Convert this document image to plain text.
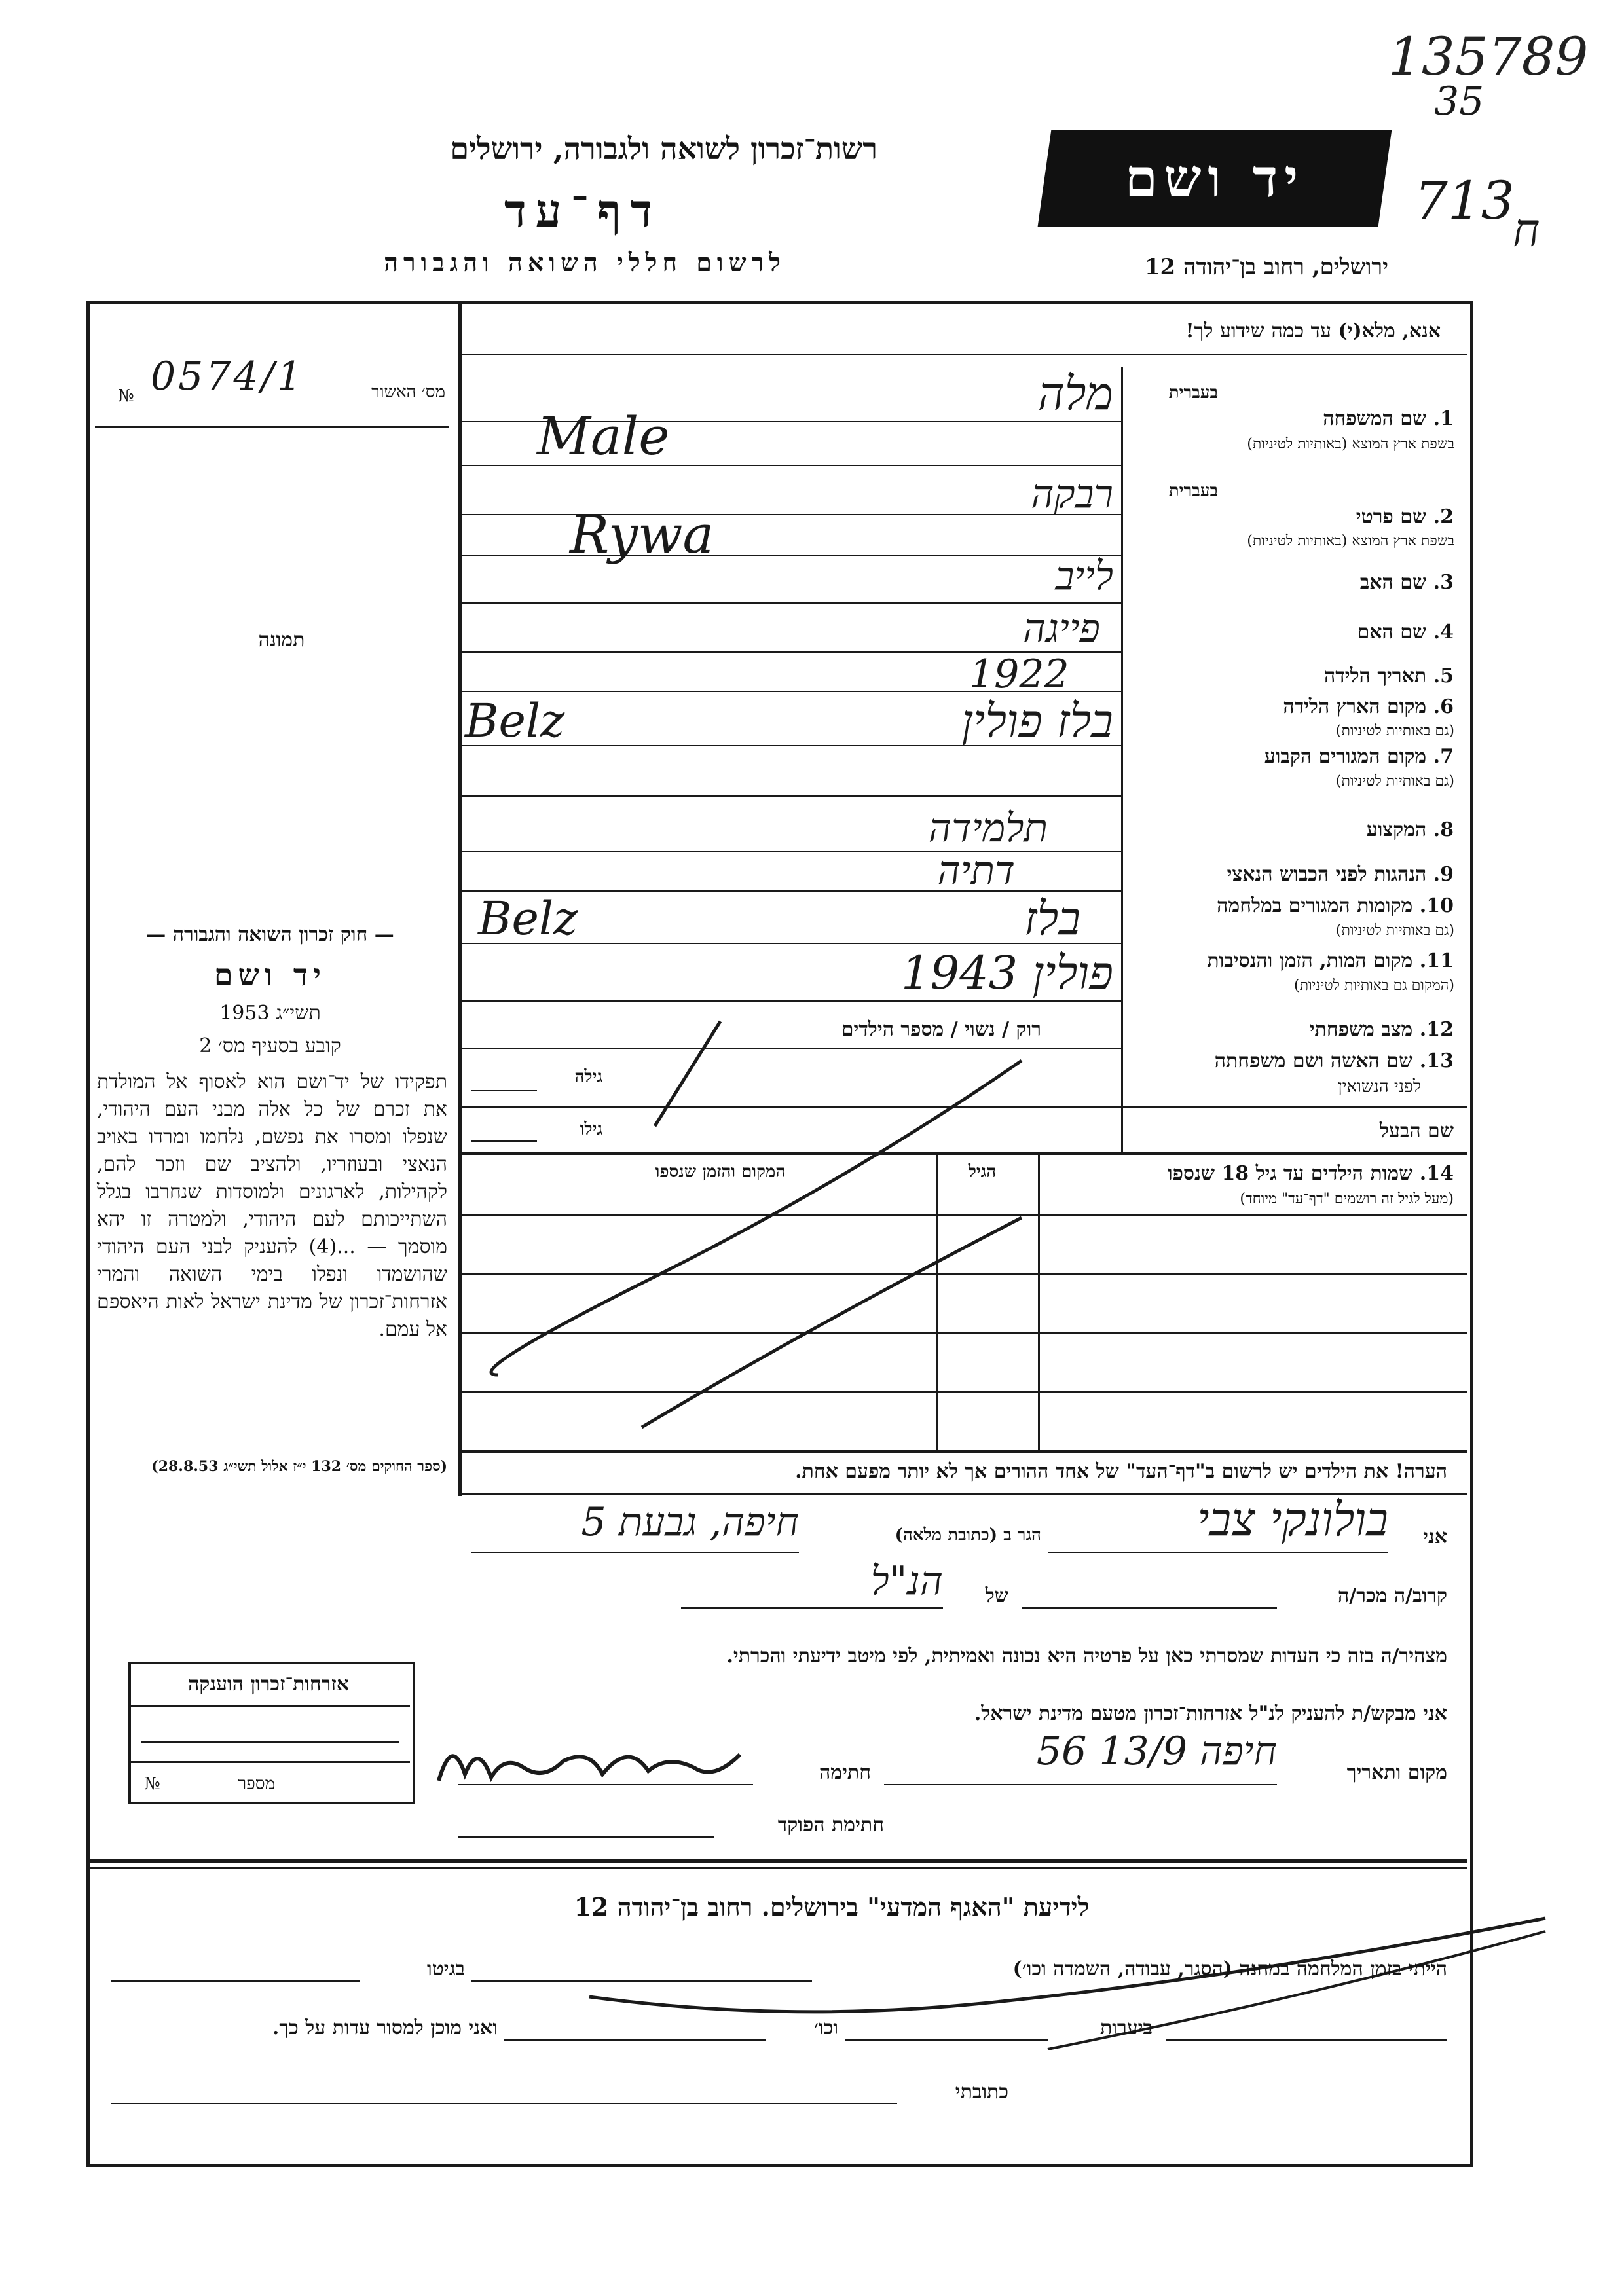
רשות־זכרון לשואה ולגבורה, ירושלים
דף־עד
לרשום חללי השואה והגבורה
יד ושם
ירושלים, רחוב בן־יהודה 12
135789
35
713
ח
מס׳ האשור
№ 0574/1
תמונה
— חוק זכרון השואה והגבורה —
יד ושם
תשי״ג 1953
קובע בסעיף מס׳ 2
תפקידו של יד־ושם הוא לאסוף אל המולדת את זכרם של כל אלה מבני העם היהודי, שנפלו ומסרו את נפשם, נלחמו ומרדו באויב הנאצי ובעוזריו, ולהציב שם וזכר להם, לקהילות, לארגונים ולמוסדות שנחרבו בגלל השתייכותם לעם היהודי, ולמטרה זו יהא מוסמך — ...(4) להעניק לבני העם היהודי שהושמדו ונפלו בימי השואה והמרי אזרחות־זכרון של מדינת ישראל לאות היאספם אל עמם.
(ספר החוקים מס׳ 132 י״ז אלול תשי״ג 28.8.53)
אזרחות־זכרון הוענקה
מספר
№
אנא, מלא(י) עד כמה שידוע לך!
בעברית
1. שם המשפחה
בשפת ארץ המוצא (באותיות לטיניות)
מלה
Male
בעברית
2. שם פרטי
בשפת ארץ המוצא (באותיות לטיניות)
רבקה
Rywa
3. שם האב
לייב
4. שם האם
פייגה
5. תאריך הלידה
1922
6. מקום הארץ הלידה
(גם באותיות לטיניות)
בלז פולין
Belz
7. מקום המגורים הקבוע
(גם באותיות לטיניות)
8. המקצוע
תלמידה
9. הנהגות לפני הכבוש הנאצי
דתיה
10. מקומות המגורים במלחמה
(גם באותיות לטיניות)
בלז
Belz
11. מקום המות, הזמן והנסיבות
(המקום גם באותיות לטיניות)
פולין 1943
12. מצב משפחתי
רוק / נשוי / מספר הילדים
13. שם האשה ושם משפחתה
לפני הנשואין
גילה
שם הבעל
גילו
14. שמות הילדים עד גיל 18 שנספו
(מעל לגיל זה רושמים "דף־עד" מיוחד)
הגיל
המקום והזמן שנספו
הערה! את הילדים יש לרשום ב"דף־העד" של אחד ההורים אך לא יותר מפעם אחת.
אני
בולונקי צבי
הגר ב (כתובת מלאה)
חיפה, גבעת 5
קרוב/ה מכר/ה
של
הנ"ל
מצהיר/ה בזה כי העדות שמסרתי כאן על פרטיה היא נכונה ואמיתית, לפי מיטב ידיעתי והכרתי.
אני מבקש/ת להעניק לנ"ל אזרחות־זכרון מטעם מדינת ישראל.
מקום ותאריך
חיפה 13/9 56
חתימה
חתימת הפוקד
לידיעת "האגף המדעי" בירושלים. רחוב בן־יהודה 12
הייתי בזמן המלחמה במחנה (הסגר, עבודה, השמדה וכו׳)
בגיטו
ביערות
וכו׳
ואני מוכן למסור עדות על כך.
כתובתי
